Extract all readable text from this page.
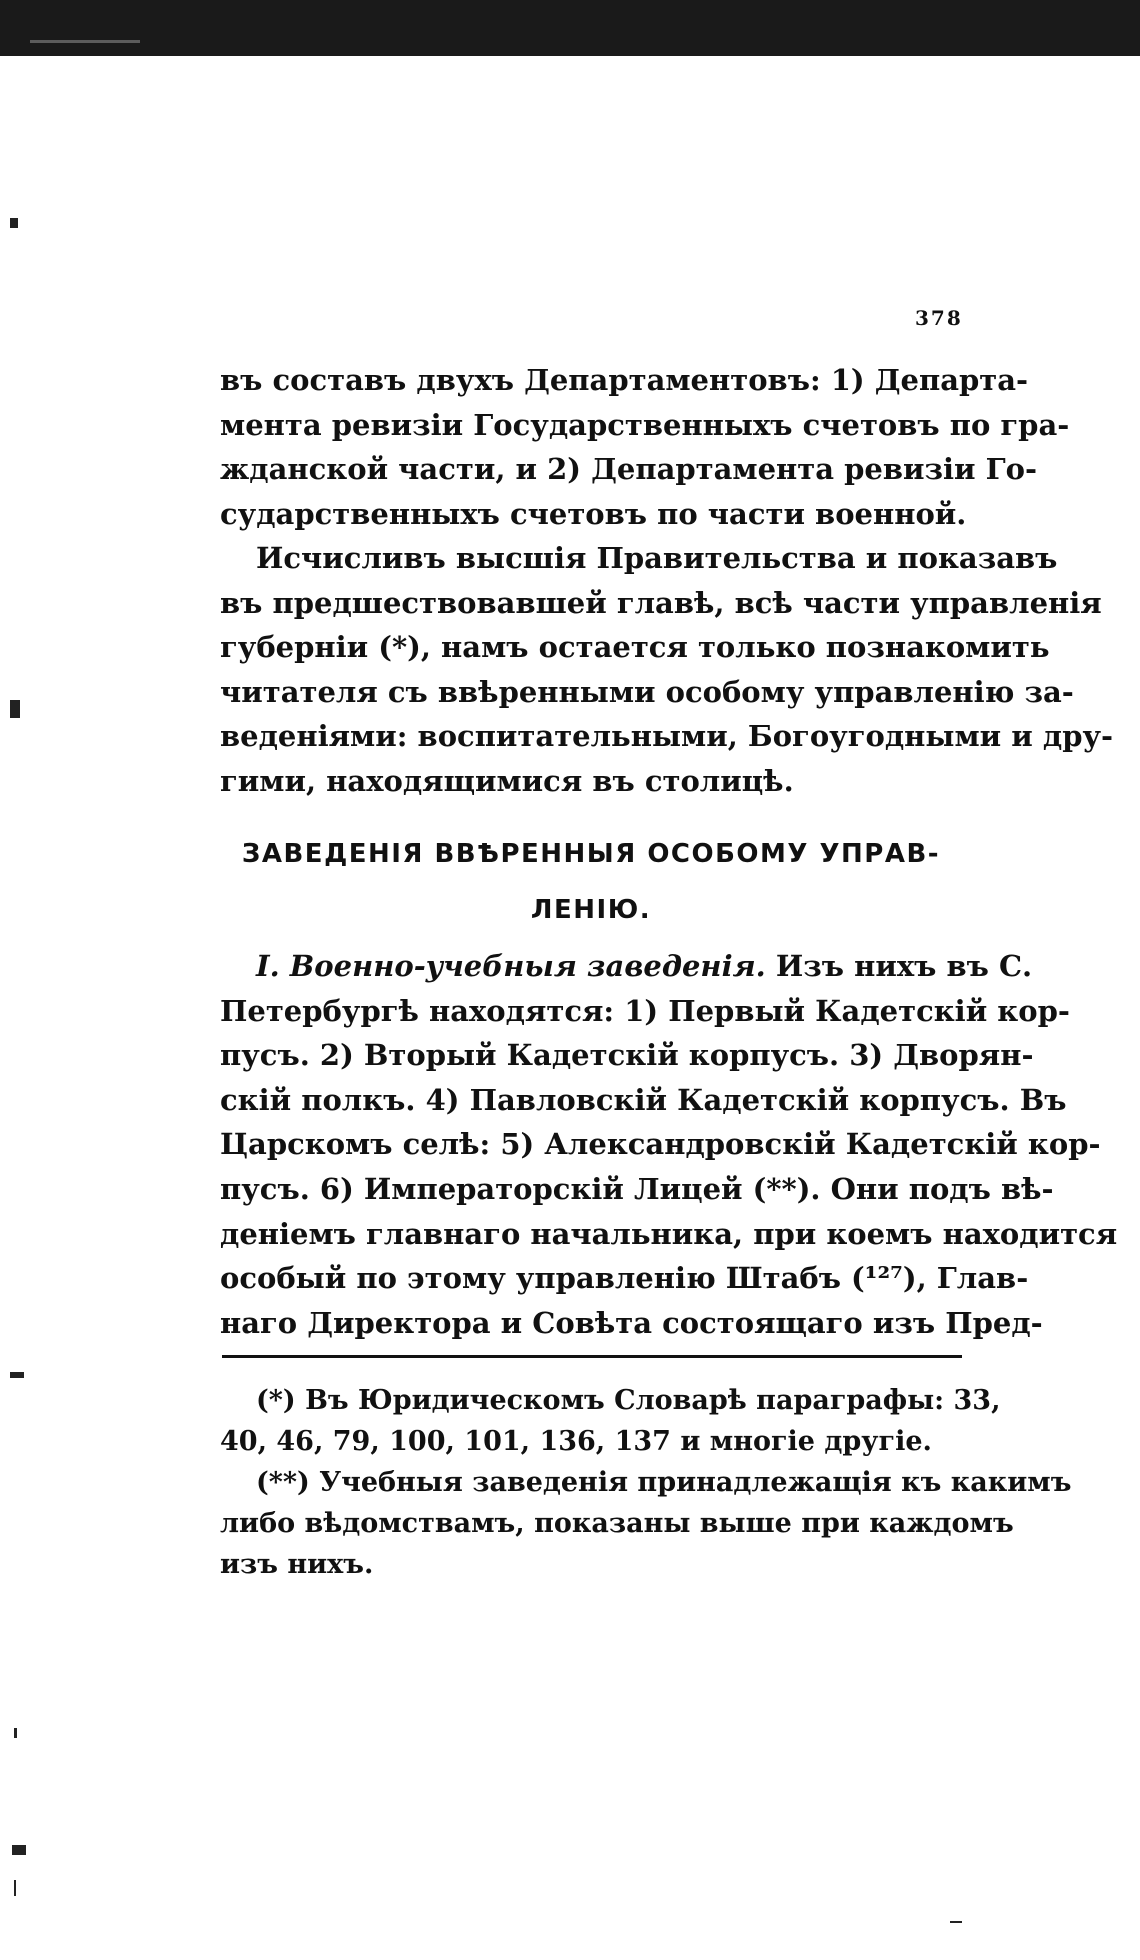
378
въ составъ двухъ Департаментовъ: 1) Департа-
мента ревизіи Государственныхъ счетовъ по гра-
жданской части, и 2) Департамента ревизіи Го-
сударственныхъ счетовъ по части военной.
Исчисливъ высшія Правительства и показавъ
въ предшествовавшей главѣ, всѣ части управленія
губерніи (*), намъ остается только познакомить
читателя съ ввѣренными особому управленію за-
веденіями: воспитательными, Богоугодными и дру-
гими, находящимися въ столицѣ.
ЗАВЕДЕНІЯ ВВѢРЕННЫЯ ОСОБОМУ УПРАВ-
ЛЕНІЮ.
I. Военно-учебныя заведенія. Изъ нихъ въ С.
Петербургѣ находятся: 1) Первый Кадетскій кор-
пусъ. 2) Вторый Кадетскій корпусъ. 3) Дворян-
скій полкъ. 4) Павловскій Кадетскій корпусъ. Въ
Царскомъ селѣ: 5) Александровскій Кадетскій кор-
пусъ. 6) Императорскій Лицей (**). Они подъ вѣ-
деніемъ главнаго начальника, при коемъ находится
особый по этому управленію Штабъ (¹²⁷), Глав-
наго Директора и Совѣта состоящаго изъ Пред-
(*) Въ Юридическомъ Словарѣ параграфы: 33,
40, 46, 79, 100, 101, 136, 137 и многіе другіе.
(**) Учебныя заведенія принадлежащія къ какимъ
либо вѣдомствамъ, показаны выше при каждомъ
изъ нихъ.
